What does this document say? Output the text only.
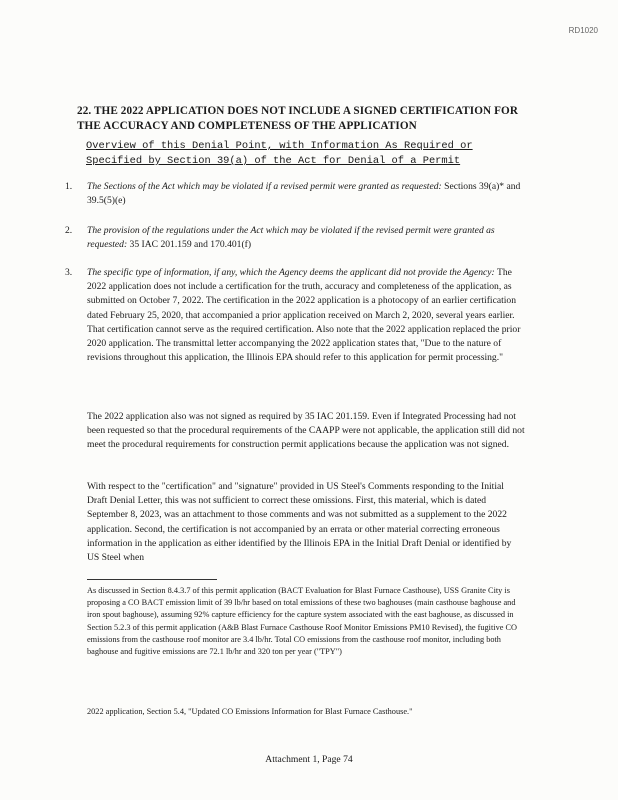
RD1020
22. THE 2022 APPLICATION DOES NOT INCLUDE A SIGNED CERTIFICATION FOR THE ACCURACY AND COMPLETENESS OF THE APPLICATION
Overview of this Denial Point, with Information As Required or Specified by Section 39(a) of the Act for Denial of a Permit
1. The Sections of the Act which may be violated if a revised permit were granted as requested: Sections 39(a)* and 39.5(5)(e)
2. The provision of the regulations under the Act which may be violated if the revised permit were granted as requested: 35 IAC 201.159 and 170.401(f)
3. The specific type of information, if any, which the Agency deems the applicant did not provide the Agency: The 2022 application does not include a certification for the truth, accuracy and completeness of the application, as submitted on October 7, 2022. The certification in the 2022 application is a photocopy of an earlier certification dated February 25, 2020, that accompanied a prior application received on March 2, 2020, several years earlier. That certification cannot serve as the required certification. Also note that the 2022 application replaced the prior 2020 application. The transmittal letter accompanying the 2022 application states that, "Due to the nature of revisions throughout this application, the Illinois EPA should refer to this application for permit processing."
The 2022 application also was not signed as required by 35 IAC 201.159. Even if Integrated Processing had not been requested so that the procedural requirements of the CAAPP were not applicable, the application still did not meet the procedural requirements for construction permit applications because the application was not signed.
With respect to the "certification" and "signature" provided in US Steel's Comments responding to the Initial Draft Denial Letter, this was not sufficient to correct these omissions. First, this material, which is dated September 8, 2023, was an attachment to those comments and was not submitted as a supplement to the 2022 application. Second, the certification is not accompanied by an errata or other material correcting erroneous information in the application as either identified by the Illinois EPA in the Initial Draft Denial or identified by US Steel when
As discussed in Section 8.4.3.7 of this permit application (BACT Evaluation for Blast Furnace Casthouse), USS Granite City is proposing a CO BACT emission limit of 39 lb/hr based on total emissions of these two baghouses (main casthouse baghouse and iron spout baghouse), assuming 92% capture efficiency for the capture system associated with the east baghouse, as discussed in Section 5.2.3 of this permit application (A&B Blast Furnace Casthouse Roof Monitor Emissions PM10 Revised), the fugitive CO emissions from the casthouse roof monitor are 3.4 lb/hr. Total CO emissions from the casthouse roof monitor, including both baghouse and fugitive emissions are 72.1 lb/hr and 320 ton per year ("TPY")
2022 application, Section 5.4, "Updated CO Emissions Information for Blast Furnace Casthouse."
Attachment 1, Page 74
